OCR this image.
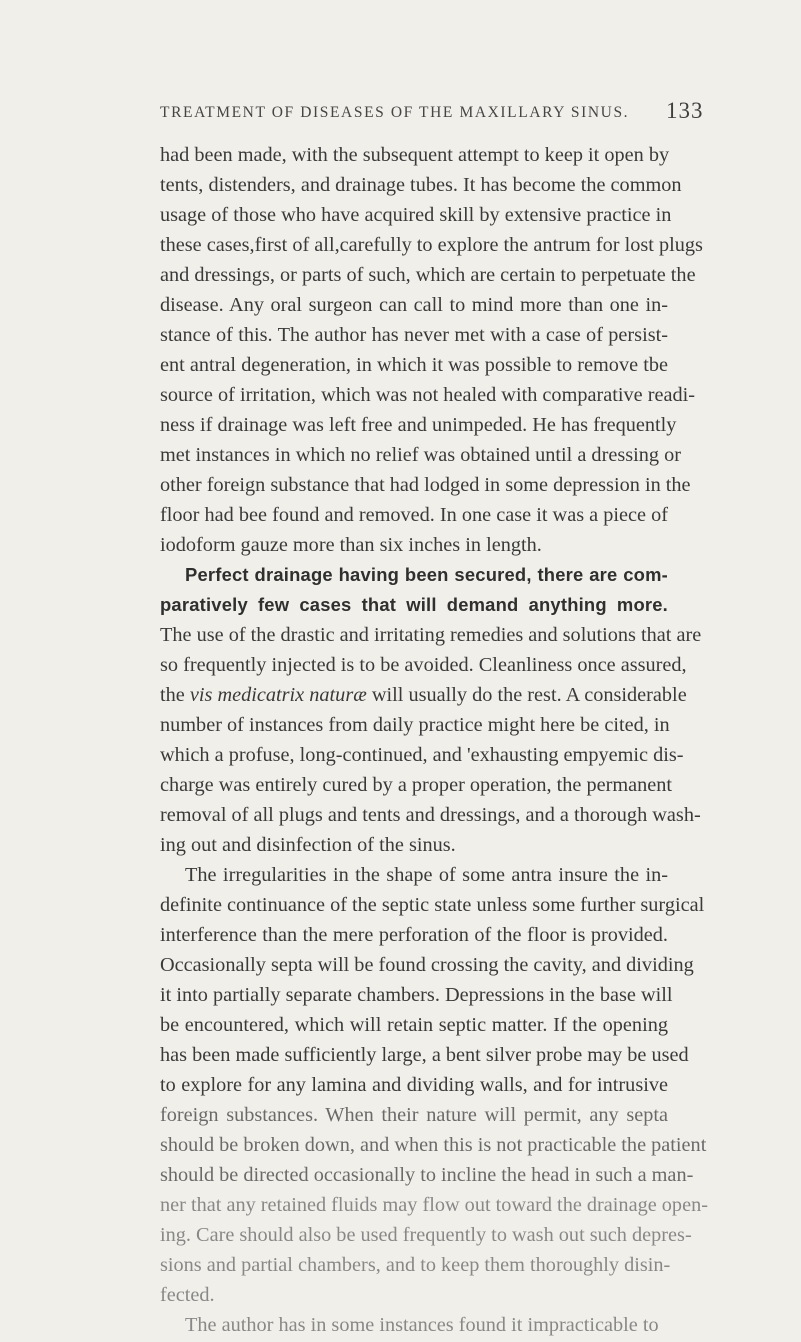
TREATMENT OF DISEASES OF THE MAXILLARY SINUS.	133
had been made, with the subsequent attempt to keep it open by
tents, distenders, and drainage tubes. It has become the common
usage of those who have acquired skill by extensive practice in
these cases,first of all,carefully to explore the antrum for lost plugs
and dressings, or parts of such, which are certain to perpetuate the
disease. Any oral surgeon can call to mind more than one in-
stance of this. The author has never met with a case of persist-
ent antral degeneration, in which it was possible to remove tbe
source of irritation, which was not healed with comparative readi-
ness if drainage was left free and unimpeded. He has frequently
met instances in which no relief was obtained until a dressing or
other foreign substance that had lodged in some depression in the
floor had bee found and removed. In one case it was a piece of
iodoform gauze more than six inches in length.
Perfect drainage having been secured, there are com-
paratively few cases that will demand anything more.
The use of the drastic and irritating remedies and solutions that are
so frequently injected is to be avoided. Cleanliness once assured,
the vis medicatrix naturæ will usually do the rest. A considerable
number of instances from daily practice might here be cited, in
which a profuse, long-continued, and 'exhausting empyemic dis-
charge was entirely cured by a proper operation, the permanent
removal of all plugs and tents and dressings, and a thorough wash-
ing out and disinfection of the sinus.
The irregularities in the shape of some antra insure the in-
definite continuance of the septic state unless some further surgical
interference than the mere perforation of the floor is provided.
Occasionally septa will be found crossing the cavity, and dividing
it into partially separate chambers. Depressions in the base will
be encountered, which will retain septic matter. If the opening
has been made sufficiently large, a bent silver probe may be used
to explore for any lamina and dividing walls, and for intrusive
foreign substances. When their nature will permit, any septa
should be broken down, and when this is not practicable the patient
should be directed occasionally to incline the head in such a man-
ner that any retained fluids may flow out toward the drainage open-
ing. Care should also be used frequently to wash out such depres-
sions and partial chambers, and to keep them thoroughly disin-
fected.
The author has in some instances found it impracticable to
